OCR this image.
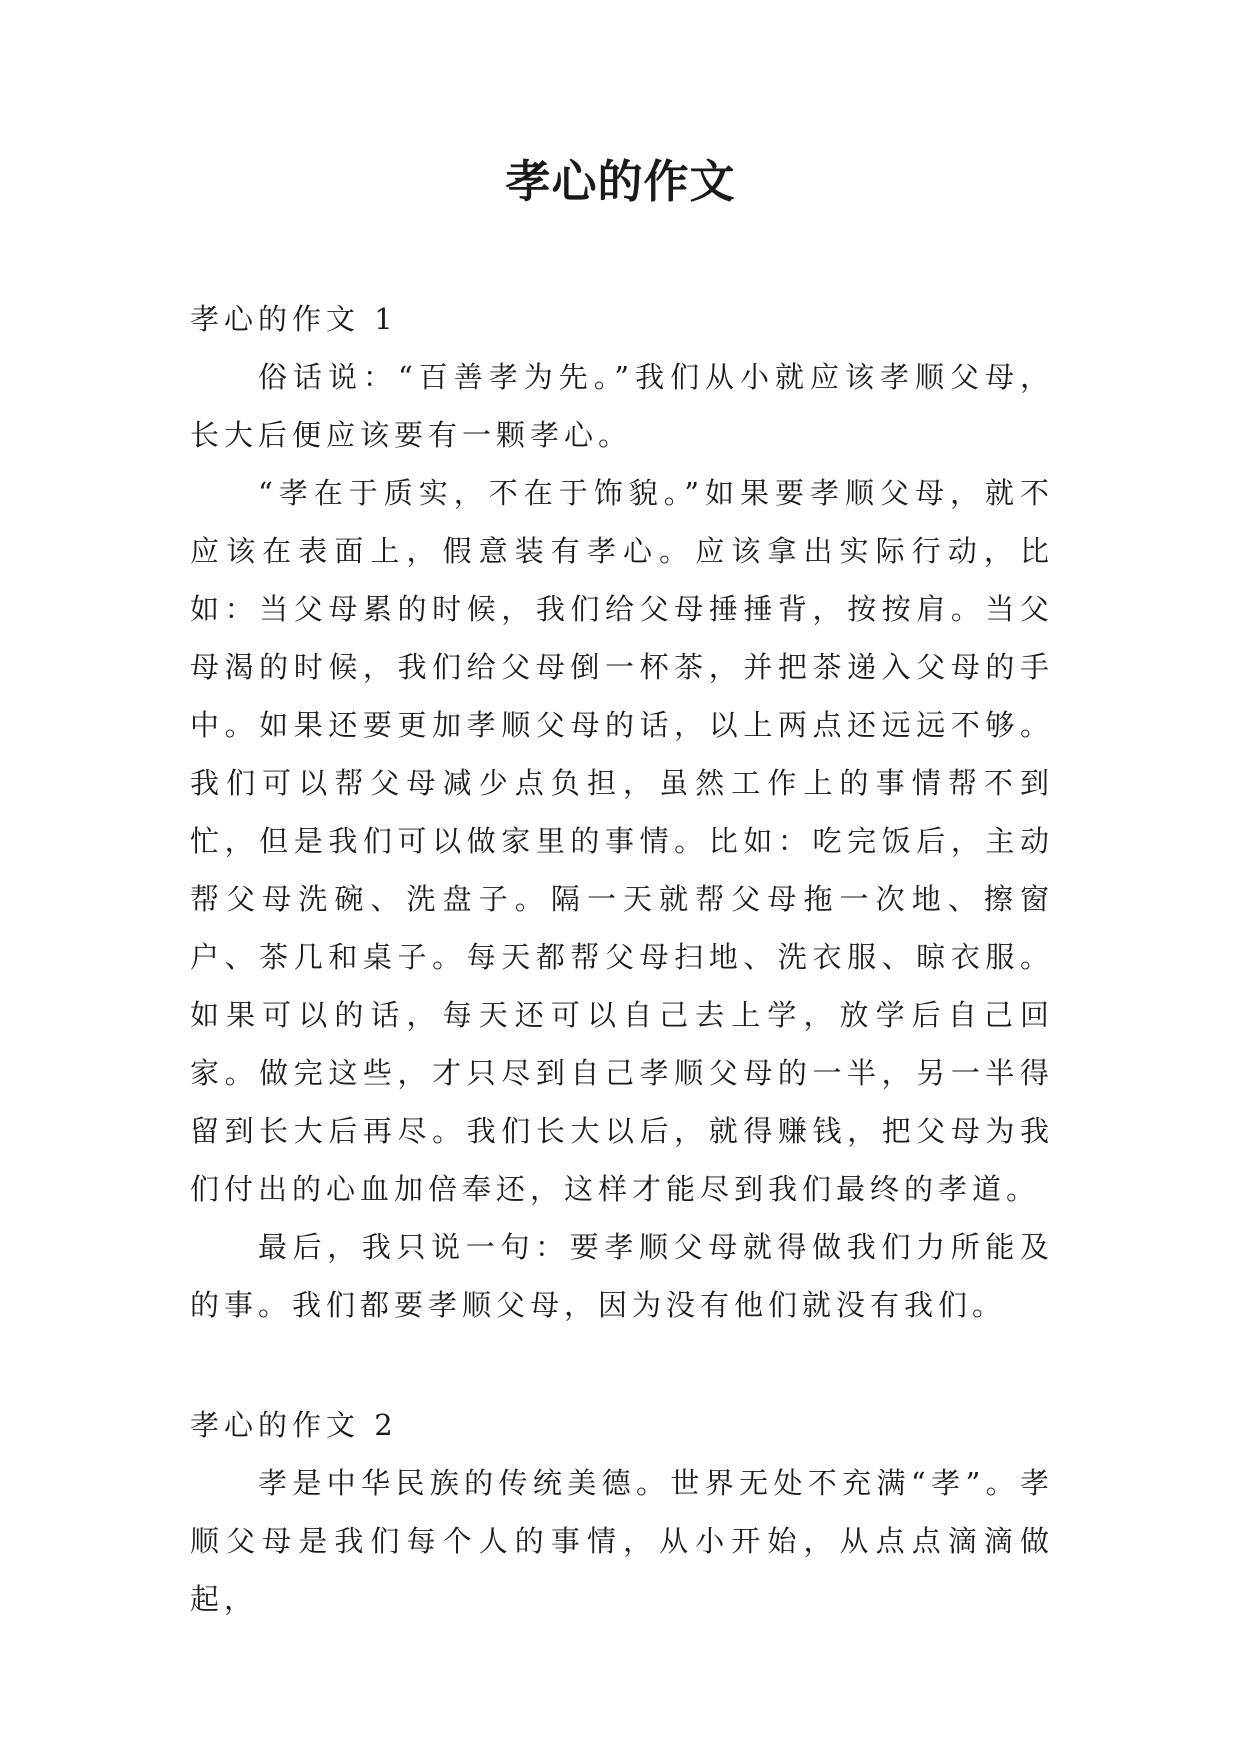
孝心的作文
孝心的作文 1

俗话说：“百善孝为先。”我们从小就应该孝顺父母，长大后便应该要有一颗孝心。

“孝在于质实，不在于饰貌。”如果要孝顺父母，就不应该在表面上，假意装有孝心。应该拿出实际行动，比如：当父母累的时候，我们给父母捶捶背，按按肩。当父母渴的时候，我们给父母倒一杯茶，并把茶递入父母的手中。如果还要更加孝顺父母的话，以上两点还远远不够。我们可以帮父母减少点负担，虽然工作上的事情帮不到忙，但是我们可以做家里的事情。比如：吃完饭后，主动帮父母洗碗、洗盘子。隔一天就帮父母拖一次地、擦窗户、茶几和桌子。每天都帮父母扫地、洗衣服、晾衣服。如果可以的话，每天还可以自己去上学，放学后自己回家。做完这些，才只尽到自己孝顺父母的一半，另一半得留到长大后再尽。我们长大以后，就得赚钱，把父母为我们付出的心血加倍奉还，这样才能尽到我们最终的孝道。

最后，我只说一句：要孝顺父母就得做我们力所能及的事。我们都要孝顺父母，因为没有他们就没有我们。

孝心的作文 2

孝是中华民族的传统美德。世界无处不充满“孝”。孝顺父母是我们每个人的事情，从小开始，从点点滴滴做起，
